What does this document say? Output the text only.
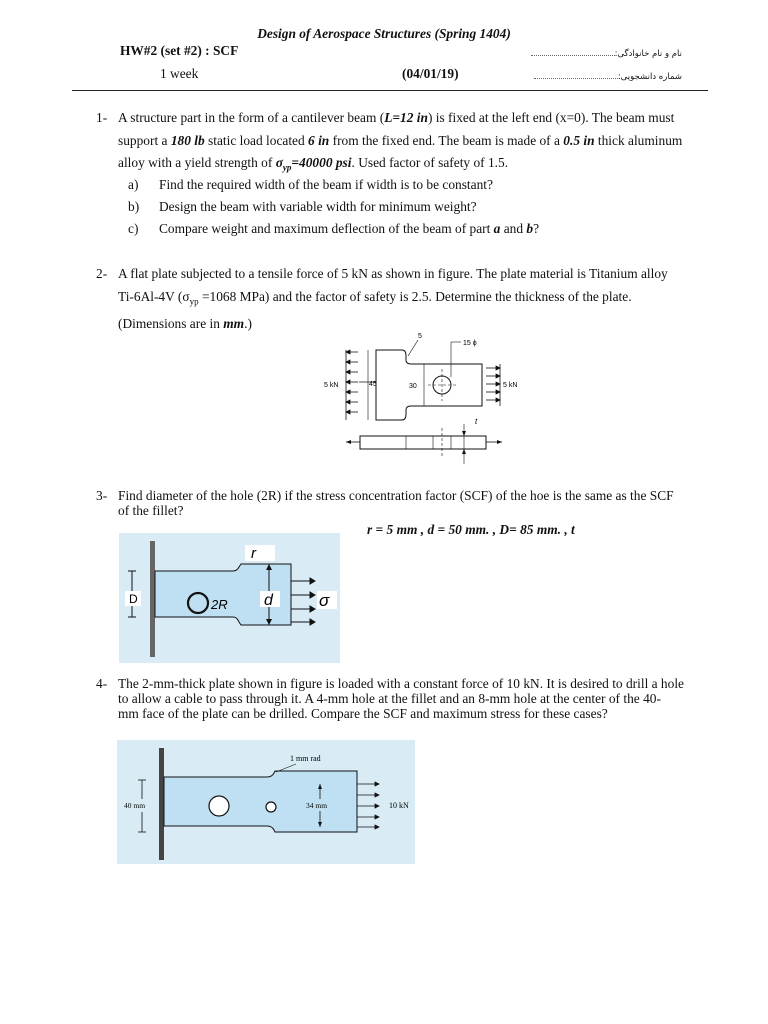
Design of Aerospace Structures (Spring 1404)
HW#2 (set #2) : SCF
1 week	(04/01/19)
نام و نام خانوادگی:
شماره دانشجویی:
1- A structure part in the form of a cantilever beam (L=12 in) is fixed at the left end (x=0). The beam must
support a 180 lb static load located 6 in from the fixed end. The beam is made of a 0.5 in thick aluminum
alloy with a yield strength of $\sigma_{yp}=40000$ psi. Used factor of safety of 1.5.
a) Find the required width of the beam if width is to be constant?
b) Design the beam with variable width for minimum weight?
c) Compare weight and maximum deflection of the beam of part a and b?
2- A flat plate subjected to a tensile force of 5 kN as shown in figure. The plate material is Titanium alloy
Ti-6Al-4V ($\sigma_{yp} =1068$ MPa) and the factor of safety is 2.5. Determine the thickness of the plate.
(Dimensions are in mm.)
5
15 ϕ
5 kN	5 kN
45	30
t
3- Find diameter of the hole (2R) if the stress concentration factor (SCF) of the hoe is the same as the SCF
of the fillet?
r = 5 mm , d = 50 mm. , D= 85 mm. , t
D	2R d
r
σ
4- The 2-mm-thick plate shown in figure is loaded with a constant force of 10 kN. It is desired to drill a hole
to allow a cable to pass through it. A 4-mm hole at the fillet and an 8-mm hole at the center of the 40-
mm face of the plate can be drilled. Compare the SCF and maximum stress for these cases?
40 mm	34 mm
1 mm rad
10 kN
